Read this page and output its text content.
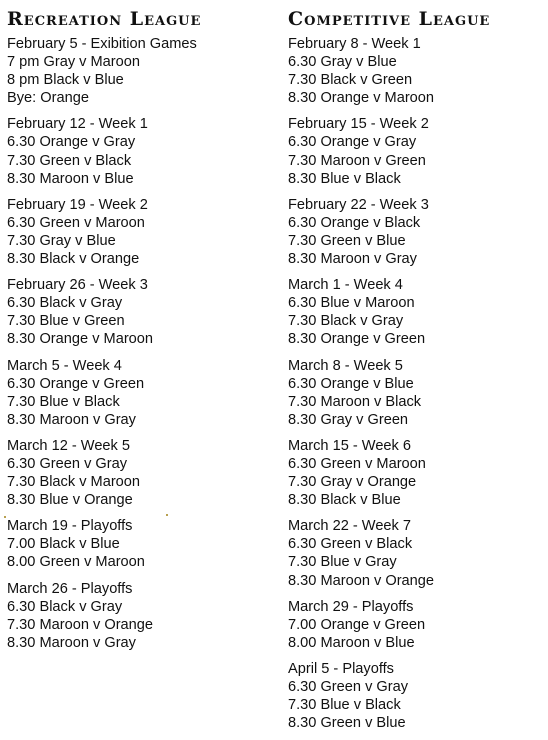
Recreation League
February 5 - Exibition Games
7 pm Gray v Maroon
8 pm Black v Blue
Bye: Orange
February 12 - Week 1
6.30 Orange v Gray
7.30 Green v Black
8.30 Maroon v Blue
February 19 - Week 2
6.30 Green v Maroon
7.30 Gray v Blue
8.30 Black v Orange
February 26 - Week 3
6.30 Black v Gray
7.30 Blue v Green
8.30 Orange v Maroon
March 5 - Week 4
6.30 Orange v Green
7.30 Blue v Black
8.30 Maroon v Gray
March 12 - Week 5
6.30 Green v Gray
7.30 Black v Maroon
8.30 Blue v Orange
March 19 - Playoffs
7.00 Black v Blue
8.00 Green v Maroon
March 26 - Playoffs
6.30 Black v Gray
7.30 Maroon v Orange
8.30 Maroon v Gray
Competitive League
February 8 - Week 1
6.30 Gray v Blue
7.30 Black v Green
8.30 Orange v Maroon
February 15 - Week 2
6.30 Orange v Gray
7.30 Maroon v Green
8.30 Blue v Black
February 22 - Week 3
6.30 Orange v Black
7.30 Green v Blue
8.30 Maroon v Gray
March 1 - Week 4
6.30 Blue v Maroon
7.30 Black v Gray
8.30 Orange v Green
March 8 - Week 5
6.30 Orange v Blue
7.30 Maroon v Black
8.30 Gray v Green
March 15 - Week 6
6.30 Green v Maroon
7.30 Gray v Orange
8.30 Black v Blue
March 22 - Week 7
6.30 Green v Black
7.30 Blue v Gray
8.30 Maroon v Orange
March 29 - Playoffs
7.00 Orange v Green
8.00 Maroon v Blue
April 5 - Playoffs
6.30 Green v Gray
7.30 Blue v Black
8.30 Green v Blue
